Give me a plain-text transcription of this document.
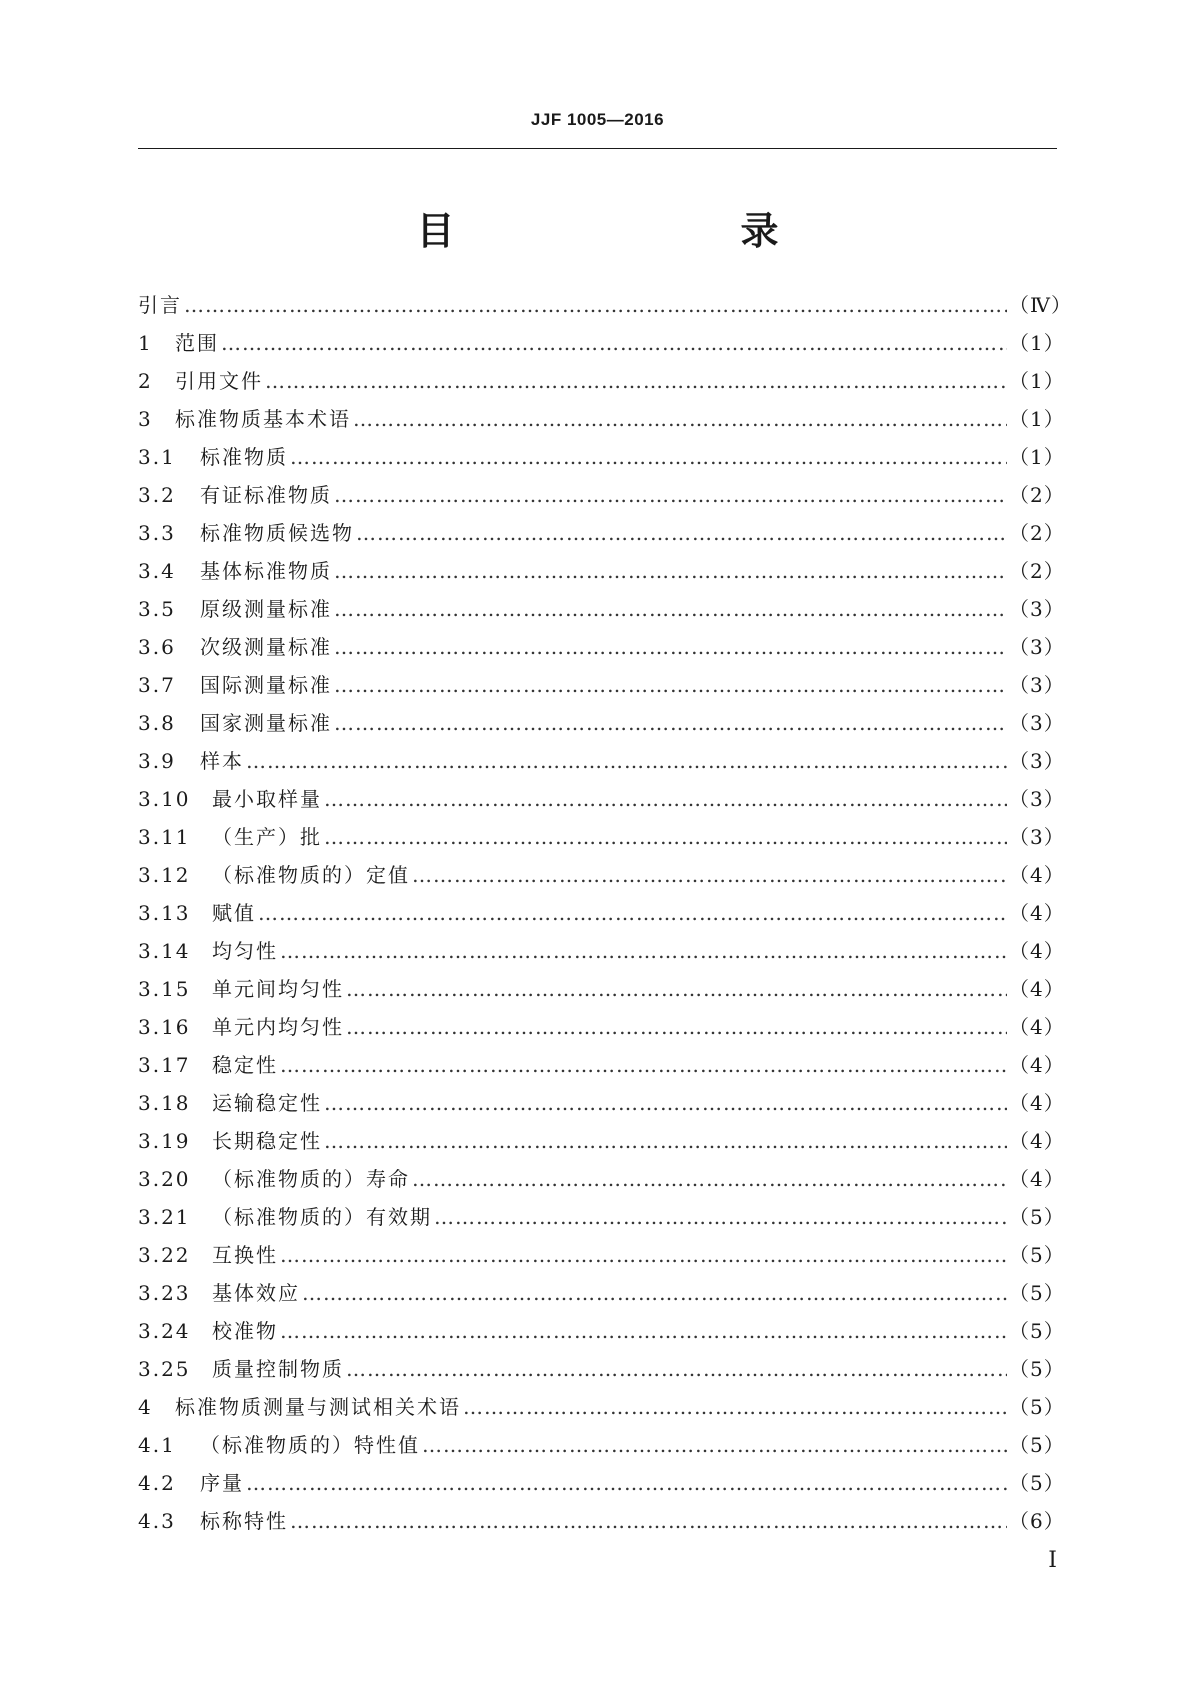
JJF 1005—2016
目　　录
引言 ……………………………………………………………………………………………………………………………………………………………………	（Ⅳ）
1	范围 ……………………………………………………………………………………………………………………………………………………………………	（1）
2	引用文件 ……………………………………………………………………………………………………………………………………………………………………	（1）
3	标准物质基本术语 ……………………………………………………………………………………………………………………………………………………………………	（1）
3.1	标准物质 ……………………………………………………………………………………………………………………………………………………………………	（1）
3.2	有证标准物质 ……………………………………………………………………………………………………………………………………………………………………	（2）
3.3	标准物质候选物 ……………………………………………………………………………………………………………………………………………………………………	（2）
3.4	基体标准物质 ……………………………………………………………………………………………………………………………………………………………………	（2）
3.5	原级测量标准 ……………………………………………………………………………………………………………………………………………………………………	（3）
3.6	次级测量标准 ……………………………………………………………………………………………………………………………………………………………………	（3）
3.7	国际测量标准 ……………………………………………………………………………………………………………………………………………………………………	（3）
3.8	国家测量标准 ……………………………………………………………………………………………………………………………………………………………………	（3）
3.9	样本 ……………………………………………………………………………………………………………………………………………………………………	（3）
3.10	最小取样量 ……………………………………………………………………………………………………………………………………………………………………	（3）
3.11	（生产）批 ……………………………………………………………………………………………………………………………………………………………………	（3）
3.12	（标准物质的）定值 ……………………………………………………………………………………………………………………………………………………………………	（4）
3.13	赋值 ……………………………………………………………………………………………………………………………………………………………………	（4）
3.14	均匀性 ……………………………………………………………………………………………………………………………………………………………………	（4）
3.15	单元间均匀性 ……………………………………………………………………………………………………………………………………………………………………	（4）
3.16	单元内均匀性 ……………………………………………………………………………………………………………………………………………………………………	（4）
3.17	稳定性 ……………………………………………………………………………………………………………………………………………………………………	（4）
3.18	运输稳定性 ……………………………………………………………………………………………………………………………………………………………………	（4）
3.19	长期稳定性 ……………………………………………………………………………………………………………………………………………………………………	（4）
3.20	（标准物质的）寿命 ……………………………………………………………………………………………………………………………………………………………………	（4）
3.21	（标准物质的）有效期 ……………………………………………………………………………………………………………………………………………………………………	（5）
3.22	互换性 ……………………………………………………………………………………………………………………………………………………………………	（5）
3.23	基体效应 ……………………………………………………………………………………………………………………………………………………………………	（5）
3.24	校准物 ……………………………………………………………………………………………………………………………………………………………………	（5）
3.25	质量控制物质 ……………………………………………………………………………………………………………………………………………………………………	（5）
4	标准物质测量与测试相关术语 ……………………………………………………………………………………………………………………………………………………………………	（5）
4.1	（标准物质的）特性值 ……………………………………………………………………………………………………………………………………………………………………	（5）
4.2	序量 ……………………………………………………………………………………………………………………………………………………………………	（5）
4.3	标称特性 ……………………………………………………………………………………………………………………………………………………………………	（6）
Ⅰ
